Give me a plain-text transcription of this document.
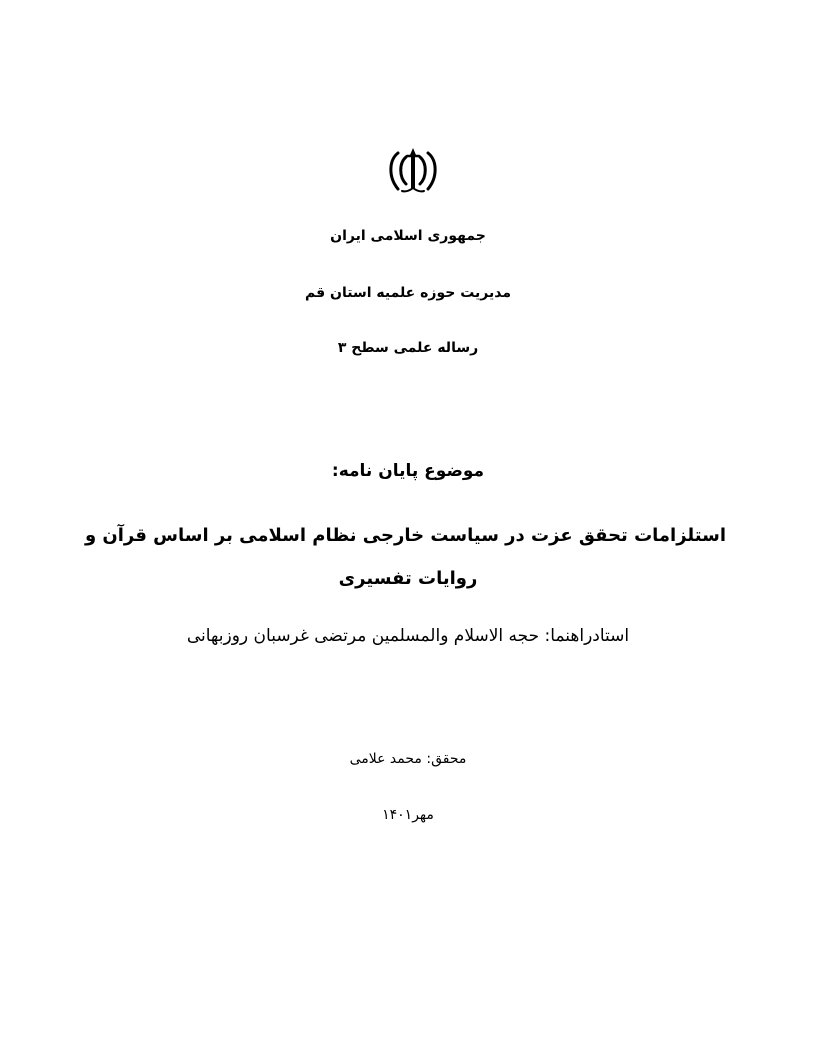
جمهوری اسلامی ایران
مدیریت حوزه علمیه استان قم
رساله علمی سطح ۳
موضوع پایان نامه:
استلزامات تحقق عزت در سیاست خارجی نظام اسلامی بر اساس قرآن و
روایات تفسیری
استادراهنما: حجه الاسلام والمسلمین مرتضی غرسبان روزبهانی
محقق: محمد علامی
مهر۱۴۰۱
